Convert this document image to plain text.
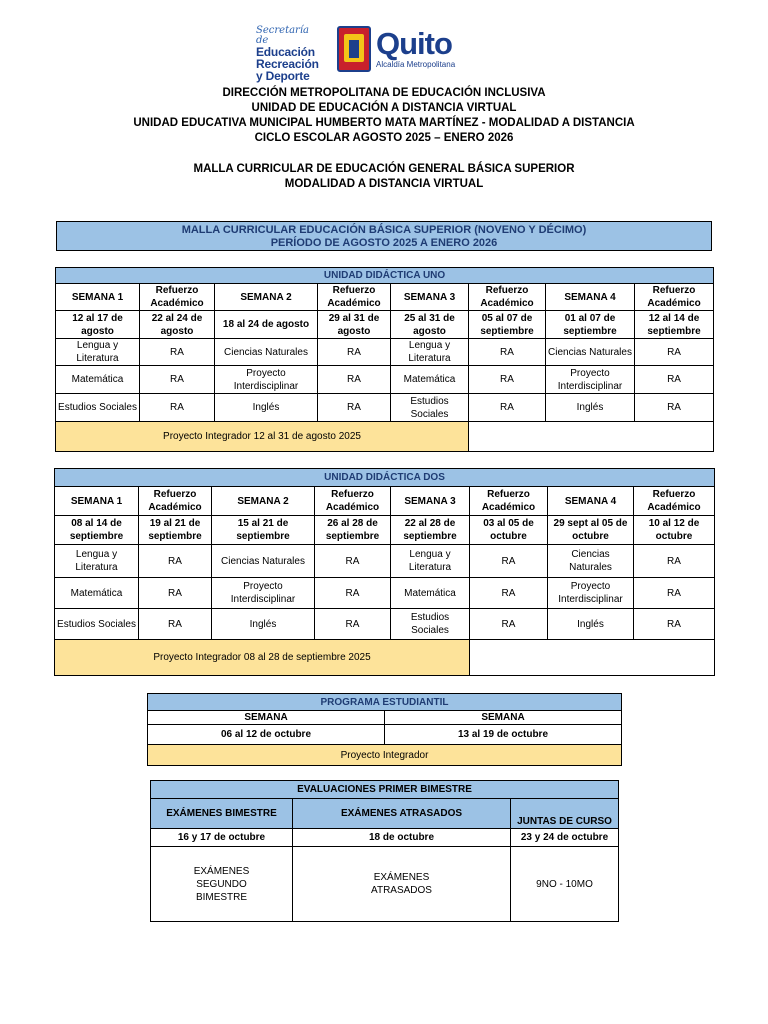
Secretaría de
Educación
Recreación
y Deporte
Quito
Alcaldía Metropolitana
DIRECCIÓN METROPOLITANA DE EDUCACIÓN INCLUSIVA
UNIDAD DE EDUCACIÓN A DISTANCIA VIRTUAL
UNIDAD EDUCATIVA MUNICIPAL HUMBERTO MATA MARTÍNEZ - MODALIDAD A DISTANCIA
CICLO ESCOLAR AGOSTO 2025 – ENERO 2026
MALLA CURRICULAR DE EDUCACIÓN GENERAL BÁSICA SUPERIOR
MODALIDAD A DISTANCIA VIRTUAL
MALLA CURRICULAR EDUCACIÓN BÁSICA SUPERIOR (NOVENO Y DÉCIMO)
PERÍODO DE AGOSTO 2025 A ENERO 2026
UNIDAD DIDÁCTICA UNO							
SEMANA 1	Refuerzo Académico	SEMANA 2	Refuerzo Académico	SEMANA 3	Refuerzo Académico	SEMANA 4	Refuerzo Académico
12 al 17 de agosto	22 al 24 de agosto	18 al 24 de agosto	29 al 31 de agosto	25 al 31 de agosto	05 al 07 de septiembre	01 al 07 de septiembre	12 al 14 de septiembre
Lengua y Literatura	RA	Ciencias Naturales	RA	Lengua y Literatura	RA	Ciencias Naturales	RA
Matemática	RA	Proyecto Interdisciplinar	RA	Matemática	RA	Proyecto Interdisciplinar	RA
Estudios Sociales	RA	Inglés	RA	Estudios Sociales	RA	Inglés	RA
Proyecto Integrador 12 al 31 de agosto 2025							
UNIDAD DIDÁCTICA DOS							
SEMANA 1	Refuerzo Académico	SEMANA 2	Refuerzo Académico	SEMANA 3	Refuerzo Académico	SEMANA 4	Refuerzo Académico
08 al 14 de septiembre	19 al 21 de septiembre	15 al 21 de septiembre	26 al 28 de septiembre	22 al 28 de septiembre	03 al 05 de octubre	29 sept al 05 de octubre	10 al 12 de octubre
Lengua y Literatura	RA	Ciencias Naturales	RA	Lengua y Literatura	RA	Ciencias Naturales	RA
Matemática	RA	Proyecto Interdisciplinar	RA	Matemática	RA	Proyecto Interdisciplinar	RA
Estudios Sociales	RA	Inglés	RA	Estudios Sociales	RA	Inglés	RA
Proyecto Integrador 08 al 28 de septiembre 2025							
PROGRAMA ESTUDIANTIL	
SEMANA	SEMANA
06 al 12 de octubre	13 al 19 de octubre
Proyecto Integrador	
EVALUACIONES PRIMER BIMESTRE		
EXÁMENES BIMESTRE	EXÁMENES ATRASADOS	JUNTAS DE CURSO
16 y 17 de octubre	18 de octubre	23 y 24 de octubre
EXÁMENES SEGUNDO BIMESTRE	EXÁMENES ATRASADOS	9NO - 10MO
